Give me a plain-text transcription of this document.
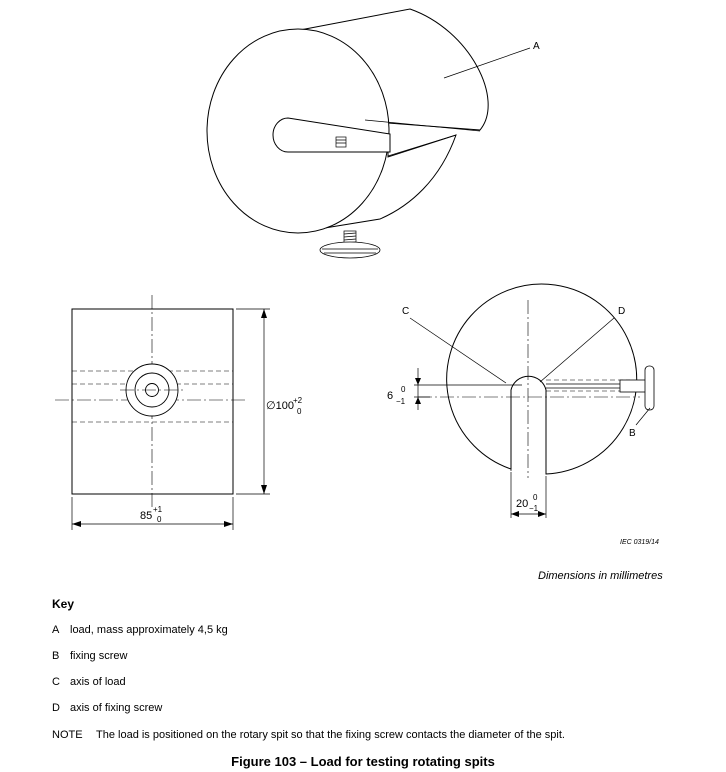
A
∅100 +2
0
85
+1
0
C	D
B
6
0
−1
20
0
−1
IEC 0319/14
Dimensions in millimetres
Key
A load, mass approximately 4,5 kg
B fixing screw
C axis of load
D axis of fixing screw
NOTE The load is positioned on the rotary spit so that the fixing screw contacts the diameter of the spit.
Figure 103 – Load for testing rotating spits
